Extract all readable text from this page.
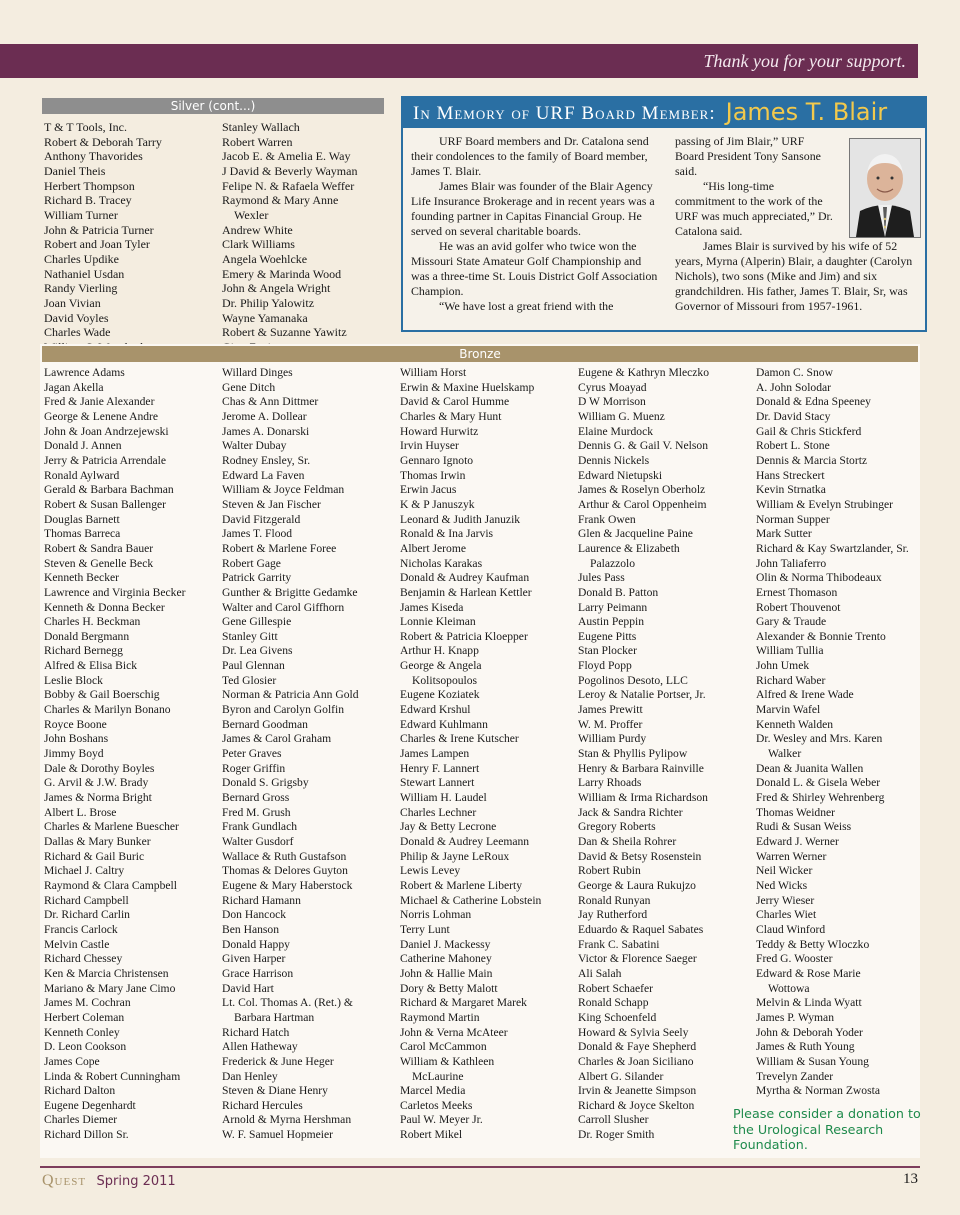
Thank you for your support.
Silver (cont...)
T & T Tools, Inc.
Robert & Deborah Tarry
Anthony Thavorides
Daniel Theis
Herbert Thompson
Richard B. Tracey
William Turner
John & Patricia Turner
Robert and Joan Tyler
Charles Updike
Nathaniel Usdan
Randy Vierling
Joan Vivian
David Voyles
Charles Wade
Stanley Wallach
Robert Warren
Jacob E. & Amelia E. Way
J David & Beverly Wayman
Felipe N. & Rafaela Weffer
Raymond & Mary Anne
Wexler
Andrew White
Clark Williams
Angela Woehlcke
Emery & Marinda Wood
John & Angela Wright
Dr. Philip Yalowitz
Wayne Yamanaka
Robert & Suzanne Yawitz
In Memory of URF Board Member: James T. Blair

URF Board members and Dr. Catalona send their condolences to the family of Board member, James T. Blair.

James Blair was founder of the Blair Agency Life Insurance Brokerage and in recent years was a founding partner in Capitas Financial Group. He served on several charitable boards.

He was an avid golfer who twice won the Missouri State Amateur Golf Championship and was a three-time St. Louis District Golf Association Champion.

“We have lost a great friend with the

passing of Jim Blair,” URF Board President Tony Sansone said.

“His long-time commitment to the work of the URF was much appreciated,” Dr. Catalona said.

James Blair is survived by his wife of 52 years, Myrna (Alperin) Blair, a daughter (Carolyn Nichols), two sons (Mike and Jim) and six grandchildren. His father, James T. Blair, Sr, was Governor of Missouri from 1957-1961.

Bronze
Lawrence Adams
Jagan Akella
Fred & Janie Alexander
George & Lenene Andre
John & Joan Andrzejewski
Donald J. Annen
Jerry & Patricia Arrendale
Ronald Aylward
Gerald & Barbara Bachman
Robert & Susan Ballenger
Douglas Barnett
Thomas Barreca
Robert & Sandra Bauer
Steven & Genelle Beck
Kenneth Becker
Lawrence and Virginia Becker
Kenneth & Donna Becker
Charles H. Beckman
Donald Bergmann
Richard Bernegg
Alfred & Elisa Bick
Leslie Block
Bobby & Gail Boerschig
Charles & Marilyn Bonano
Royce Boone
John Boshans
Jimmy Boyd
Dale & Dorothy Boyles
G. Arvil & J.W. Brady
James & Norma Bright
Albert L. Brose
Charles & Marlene Buescher
Dallas & Mary Bunker
Richard & Gail Buric
Michael J. Caltry
Raymond & Clara Campbell
Richard Campbell
Dr. Richard Carlin
Francis Carlock
Melvin Castle
Richard Chessey
Ken & Marcia Christensen
Mariano & Mary Jane Cimo
James M. Cochran
Herbert Coleman
Kenneth Conley
D. Leon Cookson
James Cope
Linda & Robert Cunningham
Richard Dalton
Eugene Degenhardt
Charles Diemer
Richard Dillon Sr.
Willard Dinges
Gene Ditch
Chas & Ann Dittmer
Jerome A. Dollear
James A. Donarski
Walter Dubay
Rodney Ensley, Sr.
Edward La Faven
William & Joyce Feldman
Steven & Jan Fischer
David Fitzgerald
James T. Flood
Robert & Marlene Foree
Robert Gage
Patrick Garrity
Gunther & Brigitte Gedamke
Walter and Carol Giffhorn
Gene Gillespie
Stanley Gitt
Dr. Lea Givens
Paul Glennan
Ted Glosier
Norman & Patricia Ann Gold
Byron and Carolyn Golfin
Bernard Goodman
James & Carol Graham
Peter Graves
Roger Griffin
Donald S. Grigsby
Bernard Gross
Fred M. Grush
Frank Gundlach
Walter Gusdorf
Wallace & Ruth Gustafson
Thomas & Delores Guyton
Eugene & Mary Haberstock
Richard Hamann
Don Hancock
Ben Hanson
Donald Happy
Given Harper
Grace Harrison
David Hart
Lt. Col. Thomas A. (Ret.) &
Barbara Hartman
Richard Hatch
Allen Hatheway
Frederick & June Heger
Dan Henley
Steven & Diane Henry
Richard Hercules
Arnold & Myrna Hershman
W. F. Samuel Hopmeier
William Horst
Erwin & Maxine Huelskamp
David & Carol Humme
Charles & Mary Hunt
Howard Hurwitz
Irvin Huyser
Gennaro Ignoto
Thomas Irwin
Erwin Jacus
K & P Januszyk
Leonard & Judith Januzik
Ronald & Ina Jarvis
Albert Jerome
Nicholas Karakas
Donald & Audrey Kaufman
Benjamin & Harlean Kettler
James Kiseda
Lonnie Kleiman
Robert & Patricia Kloepper
Arthur H. Knapp
George & Angela
Kolitsopoulos
Eugene Koziatek
Edward Krshul
Edward Kuhlmann
Charles & Irene Kutscher
James Lampen
Henry F. Lannert
Stewart Lannert
William H. Laudel
Charles Lechner
Jay & Betty Lecrone
Donald & Audrey Leemann
Philip & Jayne LeRoux
Lewis Levey
Robert & Marlene Liberty
Michael & Catherine Lobstein
Norris Lohman
Terry Lunt
Daniel J. Mackessy
Catherine Mahoney
John & Hallie Main
Dory & Betty Malott
Richard & Margaret Marek
Raymond Martin
John & Verna McAteer
Carol McCammon
William & Kathleen
McLaurine
Marcel Media
Carletos Meeks
Paul W. Meyer Jr.
Robert Mikel
Eugene & Kathryn Mleczko
Cyrus Moayad
D W Morrison
William G. Muenz
Elaine Murdock
Dennis G. & Gail V. Nelson
Dennis Nickels
Edward Nietupski
James & Roselyn Oberholz
Arthur & Carol Oppenheim
Frank Owen
Glen & Jacqueline Paine
Laurence & Elizabeth
Palazzolo
Jules Pass
Donald B. Patton
Larry Peimann
Austin Peppin
Eugene Pitts
Stan Plocker
Floyd Popp
Pogolinos Desoto, LLC
Leroy & Natalie Portser, Jr.
James Prewitt
W. M. Proffer
William Purdy
Stan & Phyllis Pylipow
Henry & Barbara Rainville
Larry Rhoads
William & Irma Richardson
Jack & Sandra Richter
Gregory Roberts
Dan & Sheila Rohrer
David & Betsy Rosenstein
Robert Rubin
George & Laura Rukujzo
Ronald Runyan
Jay Rutherford
Eduardo & Raquel Sabates
Frank C. Sabatini
Victor & Florence Saeger
Ali Salah
Robert Schaefer
Ronald Schapp
King Schoenfeld
Howard & Sylvia Seely
Donald & Faye Shepherd
Charles & Joan Siciliano
Albert G. Silander
Irvin & Jeanette Simpson
Richard & Joyce Skelton
Carroll Slusher
Dr. Roger Smith
Damon C. Snow
A. John Solodar
Donald & Edna Speeney
Dr. David Stacy
Gail & Chris Stickferd
Robert L. Stone
Dennis & Marcia Stortz
Hans Streckert
Kevin Strnatka
William & Evelyn Strubinger
Norman Supper
Mark Sutter
Richard & Kay Swartzlander, Sr.
John Taliaferro
Olin & Norma Thibodeaux
Ernest Thomason
Robert Thouvenot
Gary & Traude
Alexander & Bonnie Trento
William Tullia
John Umek
Richard Waber
Alfred & Irene Wade
Marvin Wafel
Kenneth Walden
Dr. Wesley and Mrs. Karen
Walker
Dean & Juanita Wallen
Donald L. & Gisela Weber
Fred & Shirley Wehrenberg
Thomas Weidner
Rudi & Susan Weiss
Edward J. Werner
Warren Werner
Neil Wicker
Ned Wicks
Jerry Wieser
Charles Wiet
Claud Winford
Teddy & Betty Wloczko
Fred G. Wooster
Edward & Rose Marie
Wottowa
Melvin & Linda Wyatt
James P. Wyman
John & Deborah Yoder
James & Ruth Young
William & Susan Young
Trevelyn Zander
Myrtha & Norman Zwosta
Please consider a donation to the Urological Research Foundation.
Quest Spring 2011	13
